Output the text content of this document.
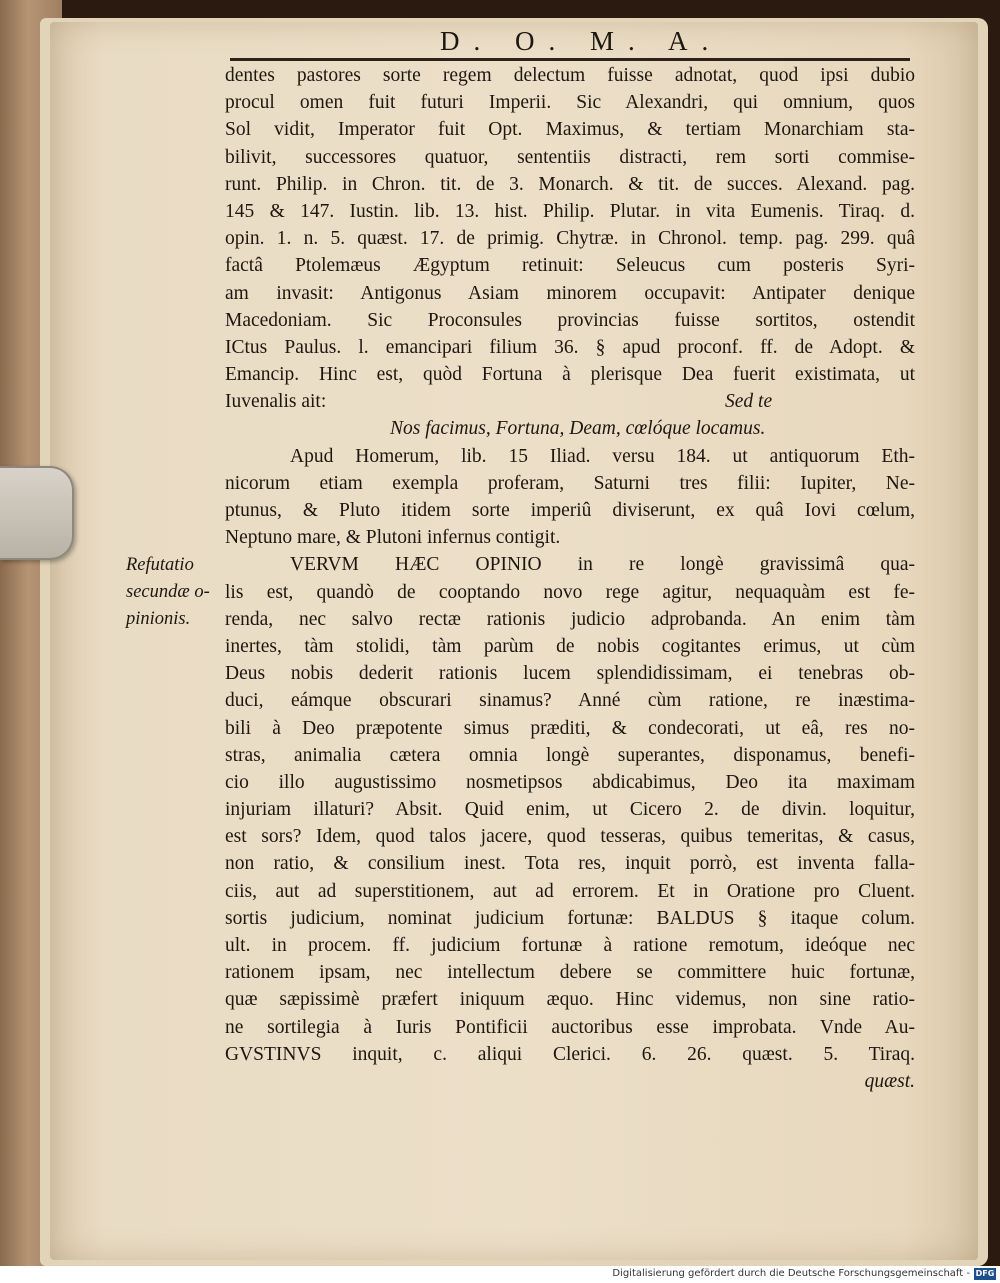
D. O. M. A.
Refutatio
secundæ o-
pinionis.
dentes pastores sorte regem delectum fuisse adnotat, quod ipsi dubio
procul omen fuit futuri Imperii. Sic Alexandri, qui omnium, quos
Sol vidit, Imperator fuit Opt. Maximus, & tertiam Monarchiam sta-
bilivit, successores quatuor, sententiis distracti, rem sorti commise-
runt. Philip. in Chron. tit. de 3. Monarch. & tit. de succes. Alexand. pag.
145 & 147. Iustin. lib. 13. hist. Philip. Plutar. in vita Eumenis. Tiraq. d.
opin. 1. n. 5. quæst. 17. de primig. Chytræ. in Chronol. temp. pag. 299. quâ
factâ Ptolemæus Ægyptum retinuit: Seleucus cum posteris Syri-
am invasit: Antigonus Asiam minorem occupavit: Antipater denique
Macedoniam. Sic Proconsules provincias fuisse sortitos, ostendit
ICtus Paulus. l. emancipari filium 36. § apud proconf. ff. de Adopt. &
Emancip. Hinc est, quòd Fortuna à plerisque Dea fuerit existimata, ut
Iuvenalis ait:	Sed te
Nos facimus, Fortuna, Deam, cœlóque locamus.
Apud Homerum, lib. 15 Iliad. versu 184. ut antiquorum Eth-
nicorum etiam exempla proferam, Saturni tres filii: Iupiter, Ne-
ptunus, & Pluto itidem sorte imperiû diviserunt, ex quâ Iovi cœlum,
Neptuno mare, & Plutoni infernus contigit.
VERVM HÆC OPINIO in re longè gravissimâ qua-
lis est, quandò de cooptando novo rege agitur, nequaquàm est fe-
renda, nec salvo rectæ rationis judicio adprobanda. An enim tàm
inertes, tàm stolidi, tàm parùm de nobis cogitantes erimus, ut cùm
Deus nobis dederit rationis lucem splendidissimam, ei tenebras ob-
duci, eámque obscurari sinamus? Anné cùm ratione, re inæstima-
bili à Deo præpotente simus præditi, & condecorati, ut eâ, res no-
stras, animalia cætera omnia longè superantes, disponamus, benefi-
cio illo augustissimo nosmetipsos abdicabimus, Deo ita maximam
injuriam illaturi? Absit. Quid enim, ut Cicero 2. de divin. loquitur,
est sors? Idem, quod talos jacere, quod tesseras, quibus temeritas, & casus,
non ratio, & consilium inest. Tota res, inquit porrò, est inventa falla-
ciis, aut ad superstitionem, aut ad errorem. Et in Oratione pro Cluent.
sortis judicium, nominat judicium fortunæ: BALDUS § itaque colum.
ult. in procem. ff. judicium fortunæ à ratione remotum, ideóque nec
rationem ipsam, nec intellectum debere se committere huic fortunæ,
quæ sæpissimè præfert iniquum æquo. Hinc videmus, non sine ratio-
ne sortilegia à Iuris Pontificii auctoribus esse improbata. Vnde Au-
GVSTINVS inquit, c. aliqui Clerici. 6. 26. quæst. 5. Tiraq.
quæst.
Digitalisierung gefördert durch die Deutsche Forschungsgemeinschaft - DFG
